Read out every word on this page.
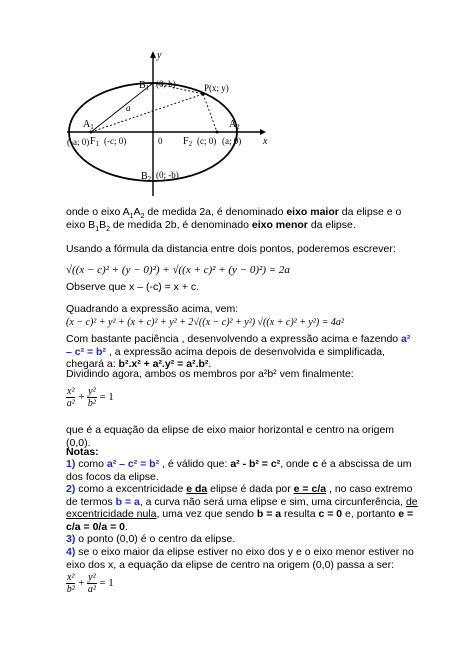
y
x
$B_1$ (0; b)	P(x; y)
a
$A_1$
(-a; 0) $F_1$ (-c; 0)	0 $F_2$ (c; 0)
$A_2$
(a; 0)
$B_2$ (0; -b)
onde o eixo $A_1A_2$ de medida 2a, é denominado eixo maior da elipse e o eixo $B_1B_2$ de medida 2b, é denominado eixo menor da elipse.
Usando a fórmula da distancia entre dois pontos, poderemos escrever:
√((x − c)² + (y − 0)²) + √((x + c)² + (y − 0)²) = 2a
Observe que x – (-c) = x + c.
Quadrando a expressão acima, vem:
(x − c)² + y² + (x + c)² + y² + 2√((x − c)² + y²) √((x + c)² + y²) = 4a²
Com bastante paciência , desenvolvendo a expressão acima e fazendo a² – c² = b² , a expressão acima depois de desenvolvida e simplificada, chegará a: b².x² + a².y² = a².b².
Dividindo agora, ambos os membros por a²b² vem finalmente:
$\frac{\text{x²}}{\text{a²}} + \frac{\text{y²}}{\text{b²}} = 1$
que é a equação da elipse de eixo maior horizontal e centro na origem (0,0).
Notas:
1) como a² – c² = b² , é válido que: a² - b² = c², onde c é a abscissa de um dos focos da elipse.
2) como a excentricidade e da elipse é dada por e = c/a , no caso extremo de termos b = a, a curva não será uma elipse e sim, uma circunferência, de excentricidade nula, uma vez que sendo b = a resulta c = 0 e, portanto e = c/a = 0/a = 0.
3) o ponto (0,0) é o centro da elipse.
4) se o eixo maior da elipse estiver no eixo dos y e o eixo menor estiver no eixo dos x, a equação da elipse de centro na origem (0,0) passa a ser:
$\frac{\text{x²}}{\text{b²}} + \frac{\text{y²}}{\text{a²}} = 1$
